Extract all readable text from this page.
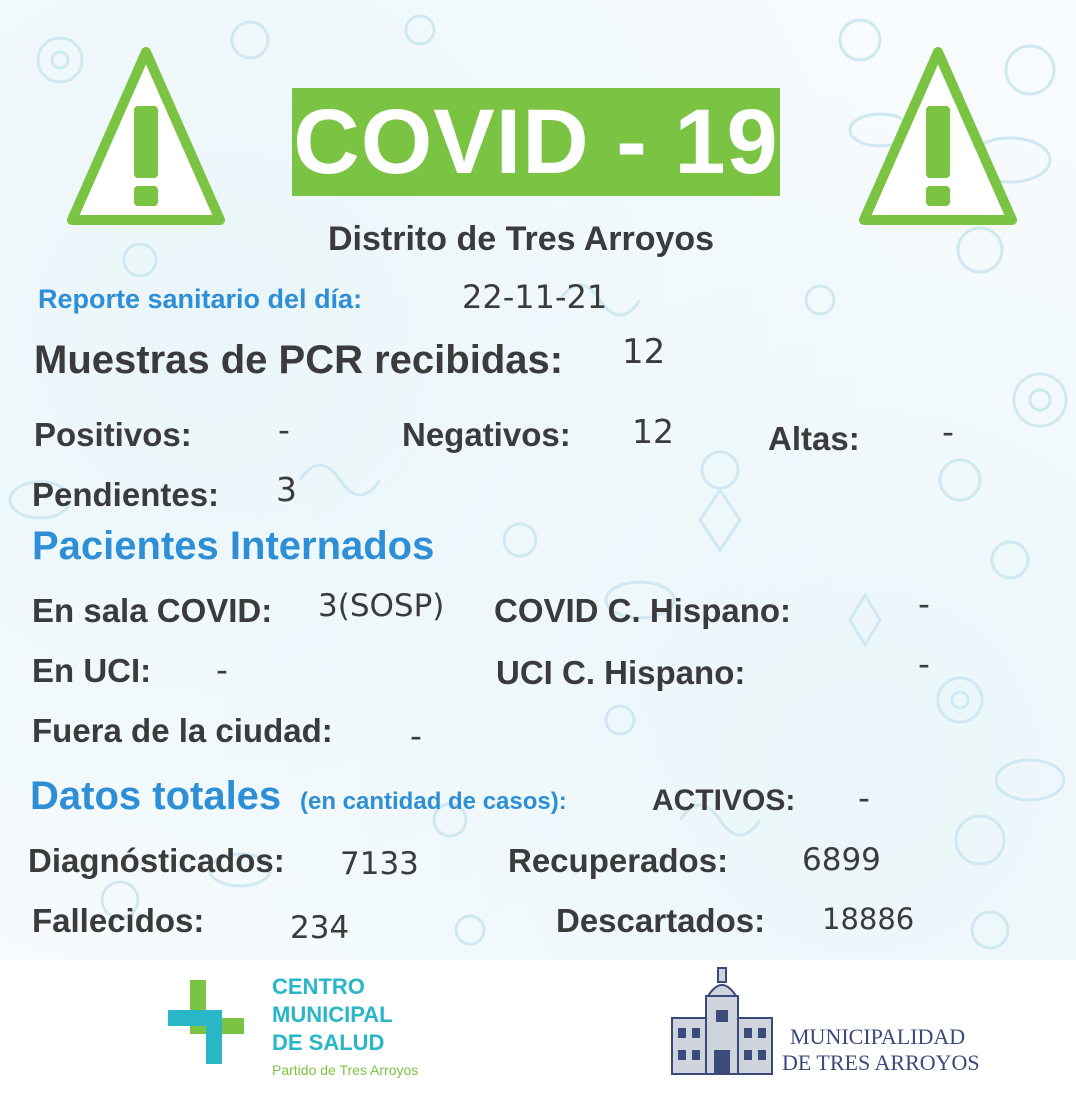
COVID - 19
Distrito de Tres Arroyos
Reporte sanitario del día:	22-11-21
Muestras de PCR recibidas: 12
Positivos:	-	Negativos: 12	Altas: -
Pendientes: 3
Pacientes Internados
En sala COVID: 3(SOSP) COVID C. Hispano:	-
En UCI: -	UCI C. Hispano:	-
Fuera de la ciudad: -
Datos totales (en cantidad de casos):	ACTIVOS: -
Diagnósticados: 7133	Recuperados: 6899
Fallecidos:	234	Descartados: 18886
CENTRO
MUNICIPAL
DE SALUD
Partido de Tres Arroyos
MUNICIPALIDAD
DE TRES ARROYOS
